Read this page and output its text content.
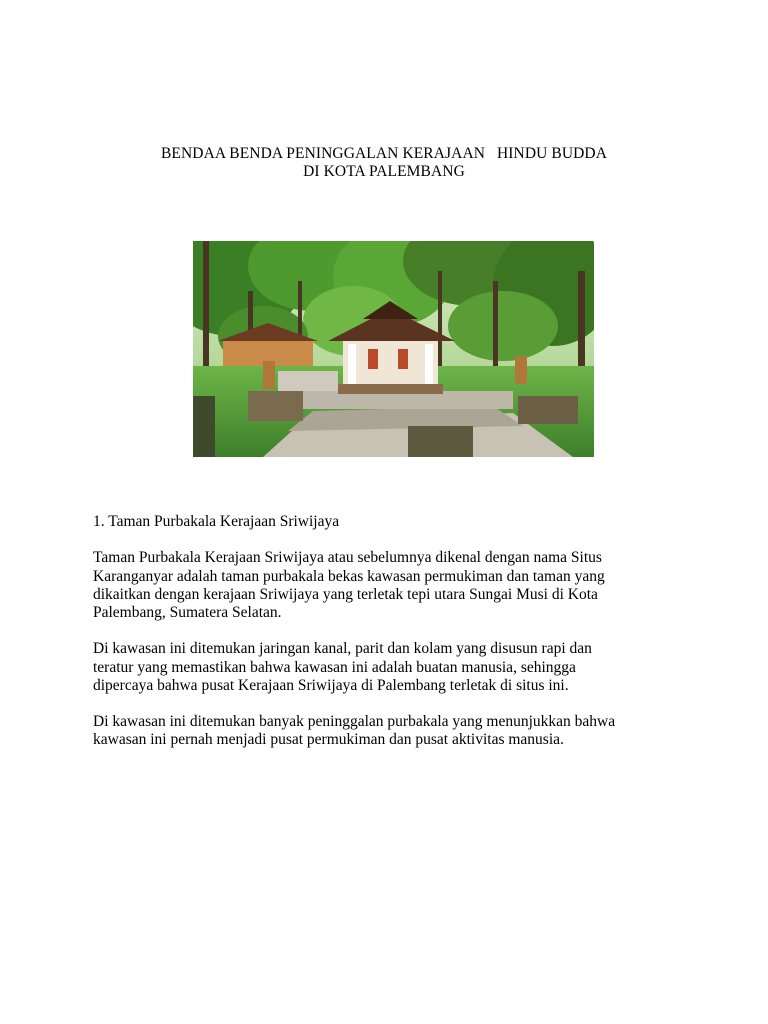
BENDAA BENDA PENINGGALAN KERAJAAN   HINDU BUDDA
DI KOTA PALEMBANG

1. Taman Purbakala Kerajaan Sriwijaya

Taman Purbakala Kerajaan Sriwijaya atau sebelumnya dikenal dengan nama Situs
Karanganyar adalah taman purbakala bekas kawasan permukiman dan taman yang
dikaitkan dengan kerajaan Sriwijaya yang terletak tepi utara Sungai Musi di Kota
Palembang, Sumatera Selatan.

Di kawasan ini ditemukan jaringan kanal, parit dan kolam yang disusun rapi dan
teratur yang memastikan bahwa kawasan ini adalah buatan manusia, sehingga
dipercaya bahwa pusat Kerajaan Sriwijaya di Palembang terletak di situs ini.

Di kawasan ini ditemukan banyak peninggalan purbakala yang menunjukkan bahwa
kawasan ini pernah menjadi pusat permukiman dan pusat aktivitas manusia.
